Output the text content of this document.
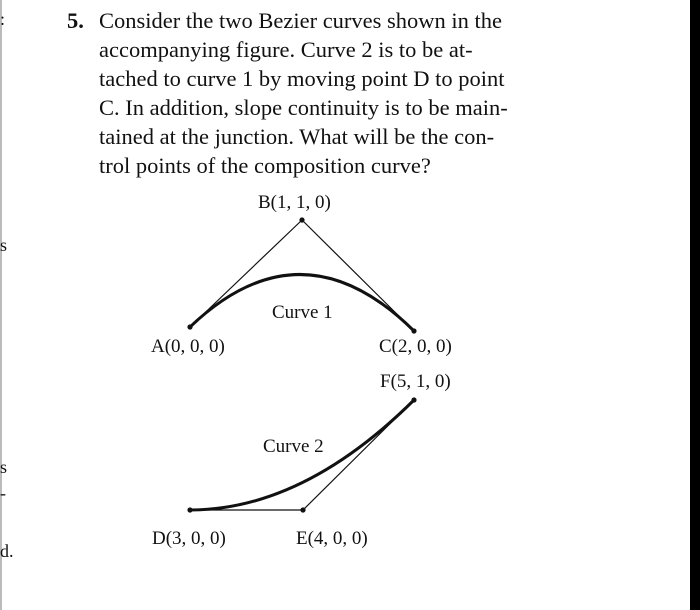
:
s
s
-
d.
5. Consider the two Bezier curves shown in the
accompanying figure. Curve 2 is to be at-
tached to curve 1 by moving point D to point
C. In addition, slope continuity is to be main-
tained at the junction. What will be the con-
trol points of the composition curve?
B(1, 1, 0)
Curve 1
A(0, 0, 0)	C(2, 0, 0)
F(5, 1, 0)
Curve 2
D(3, 0, 0)	E(4, 0, 0)
